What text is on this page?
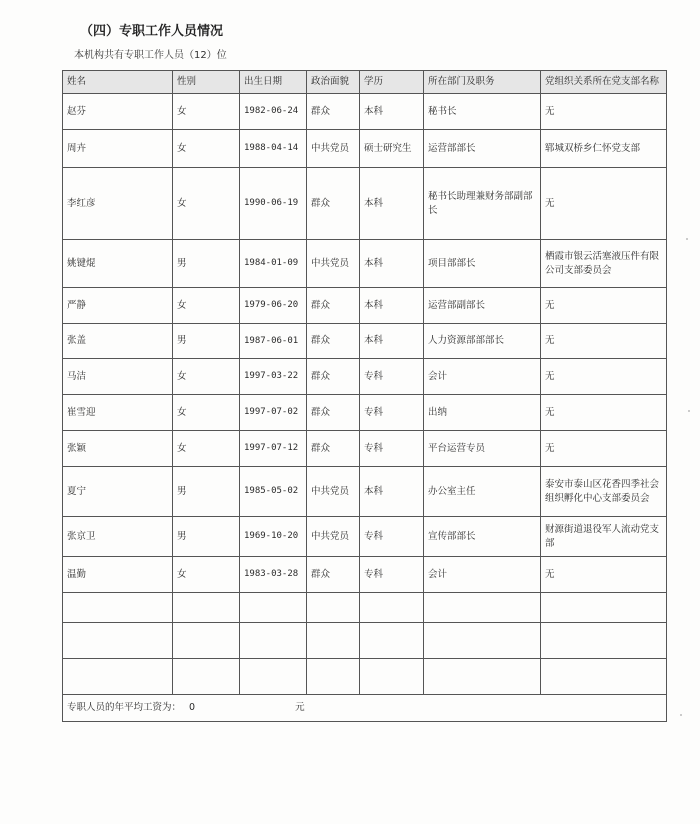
（四）专职工作人员情况
本机构共有专职工作人员（12）位
姓名	性别	出生日期	政治面貌	学历	所在部门及职务	党组织关系所在党支部名称
赵芬	女	1982-06-24	群众	本科	秘书长	无
周卉	女	1988-04-14	中共党员	硕士研究生	运营部部长	郓城双桥乡仁怀党支部
李红彦	女	1990-06-19	群众	本科	秘书长助理兼财务部副部长	无
姚键焜	男	1984-01-09	中共党员	本科	项目部部长	栖霞市银云活塞液压件有限公司支部委员会
严静	女	1979-06-20	群众	本科	运营部副部长	无
张盖	男	1987-06-01	群众	本科	人力资源部部部长	无
马洁	女	1997-03-22	群众	专科	会计	无
崔雪迎	女	1997-07-02	群众	专科	出纳	无
张颖	女	1997-07-12	群众	专科	平台运营专员	无
夏宁	男	1985-05-02	中共党员	本科	办公室主任	泰安市泰山区花香四季社会组织孵化中心支部委员会
张京卫	男	1969-10-20	中共党员	专科	宣传部部长	财源街道退役军人流动党支部
温勤	女	1983-03-28	群众	专科	会计	无

专职人员的年平均工资为： 0 元						
